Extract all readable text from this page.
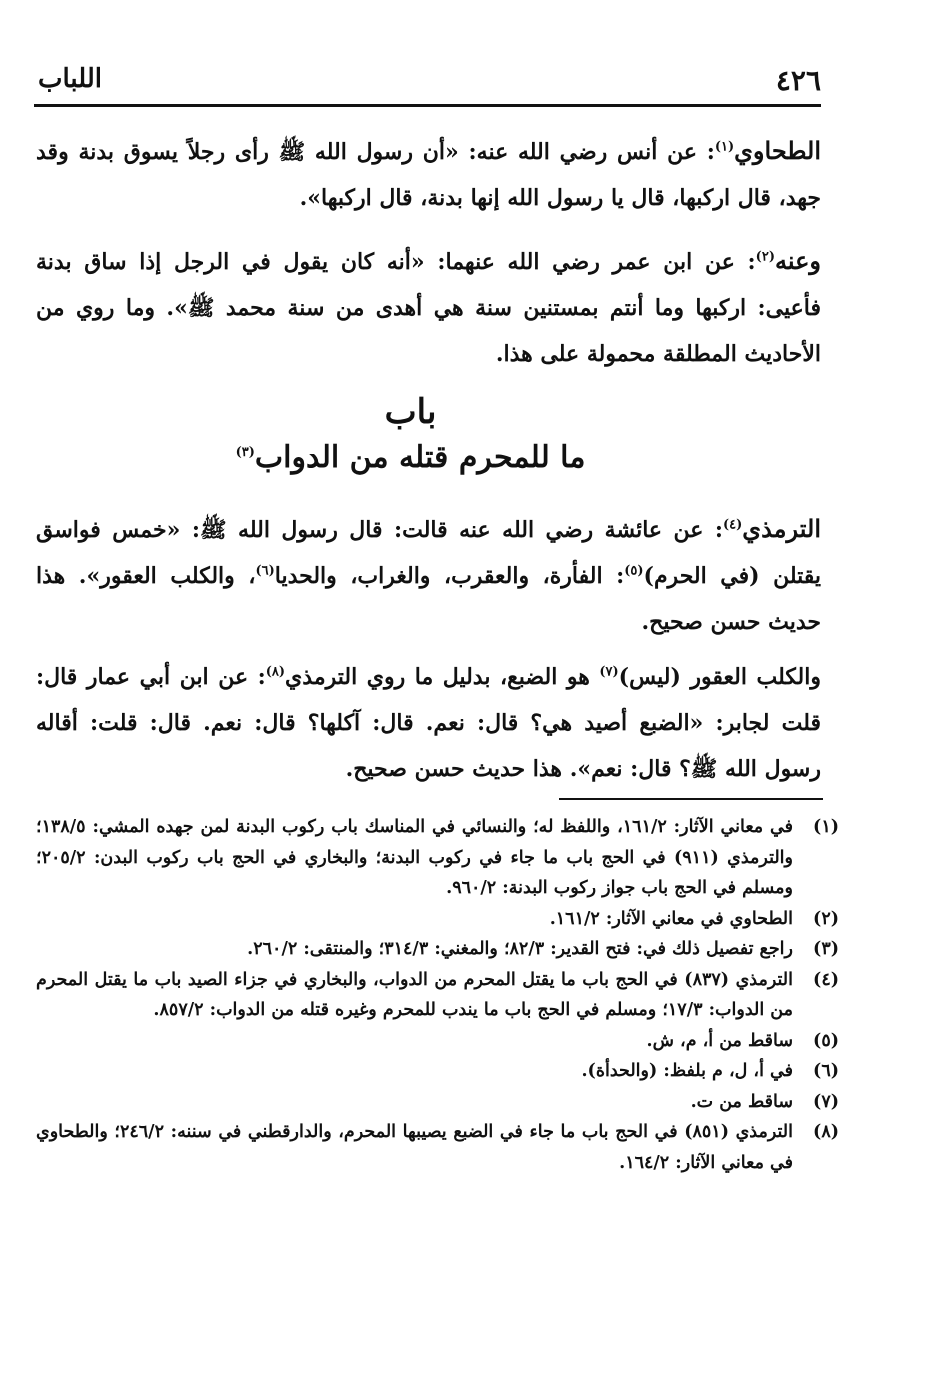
٤٢٦
اللباب

الطحاوي$^{(١)}$: عن أنس رضي الله عنه: «أن رسول الله ﷺ رأى رجلاً يسوق بدنة وقد جهد، قال اركبها، قال يا رسول الله إنها بدنة، قال اركبها».

وعنه$^{(٢)}$: عن ابن عمر رضي الله عنهما: «أنه كان يقول في الرجل إذا ساق بدنة فأعيى: اركبها وما أنتم بمستنين سنة هي أهدى من سنة محمد ﷺ». وما روي من الأحاديث المطلقة محمولة على هذا.

باب
ما للمحرم قتله من الدواب$^{(٣)}$

الترمذي$^{(٤)}$: عن عائشة رضي الله عنه قالت: قال رسول الله ﷺ: «خمس فواسق يقتلن (في الحرم)$^{(٥)}$: الفأرة، والعقرب، والغراب، والحديا$^{(٦)}$، والكلب العقور». هذا حديث حسن صحيح.

والكلب العقور (ليس)$^{(٧)}$ هو الضبع، بدليل ما روي الترمذي$^{(٨)}$: عن ابن أبي عمار قال: قلت لجابر: «الضبع أصيد هي؟ قال: نعم. قال: آكلها؟ قال: نعم. قال: قلت: أقاله رسول الله ﷺ؟ قال: نعم». هذا حديث حسن صحيح.

(١)
في معاني الآثار: ١٦١/٢، واللفظ له؛ والنسائي في المناسك باب ركوب البدنة لمن جهده المشي: ١٣٨/٥؛ والترمذي (٩١١) في الحج باب ما جاء في ركوب البدنة؛ والبخاري في الحج باب ركوب البدن: ٢٠٥/٢؛ ومسلم في الحج باب جواز ركوب البدنة: ٩٦٠/٢.
(٢)
الطحاوي في معاني الآثار: ١٦١/٢.
(٣)
راجع تفصيل ذلك في: فتح القدير: ٨٢/٣؛ والمغني: ٣١٤/٣؛ والمنتقى: ٢٦٠/٢.
(٤)
الترمذي (٨٣٧) في الحج باب ما يقتل المحرم من الدواب، والبخاري في جزاء الصيد باب ما يقتل المحرم من الدواب: ١٧/٣؛ ومسلم في الحج باب ما يندب للمحرم وغيره قتله من الدواب: ٨٥٧/٢.
(٥)
ساقط من أ، م، ش.
(٦)
في أ، ل، م بلفظ: (والحدأة).
(٧)
ساقط من ت.
(٨)
الترمذي (٨٥١) في الحج باب ما جاء في الضبع يصيبها المحرم، والدارقطني في سننه: ٢٤٦/٢؛ والطحاوي في معاني الآثار: ١٦٤/٢.
